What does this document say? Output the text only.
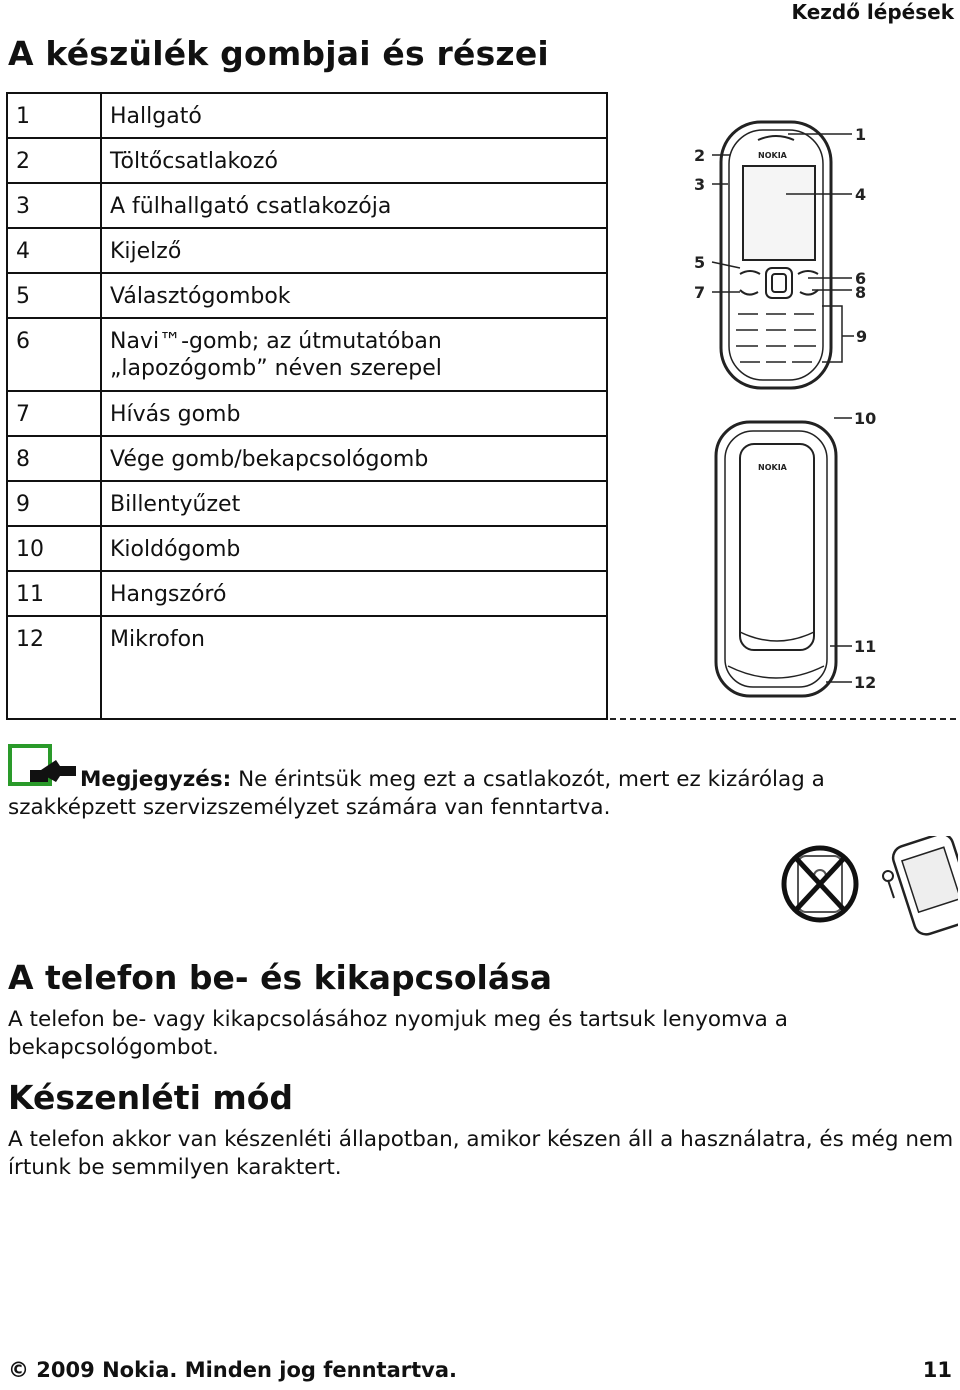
Kezdő lépések
A készülék gombjai és részei
1	Hallgató
2	Töltőcsatlakozó
3	A fülhallgató csatlakozója
4	Kijelző
5	Választógombok
6	Navi™-gomb; az útmutatóban „lapozógomb” néven szerepel
7	Hívás gomb
8	Vége gomb/bekapcsológomb
9	Billentyűzet
10	Kioldógomb
11	Hangszóró
12	Mikrofon
NOKIA
NOKIA
1
2
3
4
5
6
7	8
9
10
11
12
Megjegyzés: Ne érintsük meg ezt a csatlakozót, mert ez kizárólag a szakképzett szervizszemélyzet számára van fenntartva.
A telefon be- és kikapcsolása
A telefon be- vagy kikapcsolásához nyomjuk meg és tartsuk lenyomva a bekapcsológombot.
Készenléti mód
A telefon akkor van készenléti állapotban, amikor készen áll a használatra, és még nem írtunk be semmilyen karaktert.
© 2009 Nokia. Minden jog fenntartva.	11
